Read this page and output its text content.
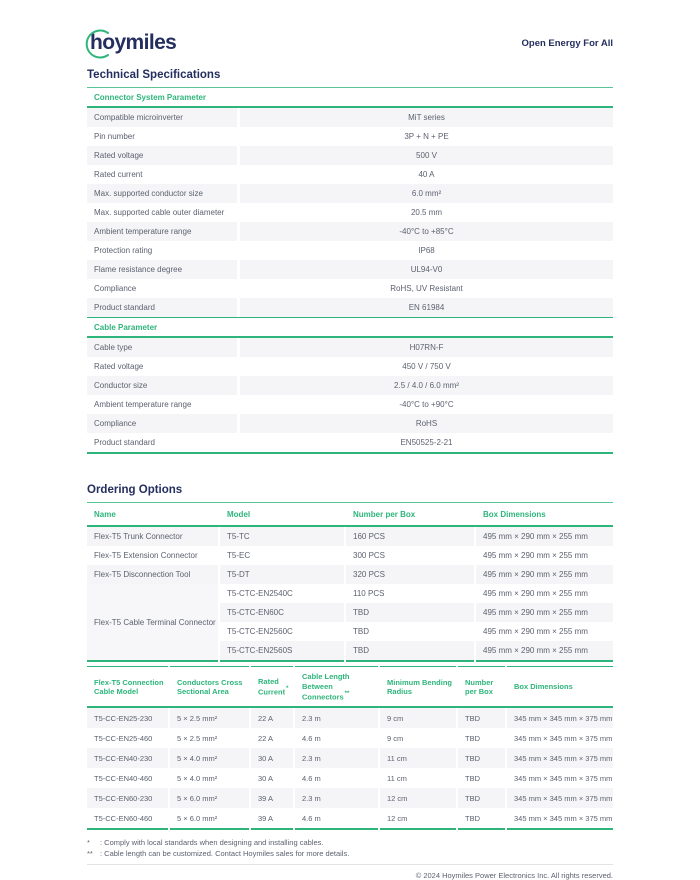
hoymiles	Open Energy For All
Technical Specifications
Connector System Parameter
Compatible microinverter	MiT series
Pin number	3P + N + PE
Rated voltage	500 V
Rated current	40 A
Max. supported conductor size	6.0 mm²
Max. supported cable outer diameter	20.5 mm
Ambient temperature range	-40°C to +85°C
Protection rating	IP68
Flame resistance degree	UL94-V0
Compliance	RoHS, UV Resistant
Product standard	EN 61984
Cable Parameter
Cable type	H07RN-F
Rated voltage	450 V / 750 V
Conductor size	2.5 / 4.0 / 6.0 mm²
Ambient temperature range	-40°C to +90°C
Compliance	RoHS
Product standard	EN50525-2-21
Ordering Options
Name	Model	Number per Box	Box Dimensions
Flex-T5 Trunk Connector	T5-TC	160 PCS	495 mm × 290 mm × 255 mm
Flex-T5 Extension Connector	T5-EC	300 PCS	495 mm × 290 mm × 255 mm
Flex-T5 Disconnection Tool	T5-DT	320 PCS	495 mm × 290 mm × 255 mm
Flex-T5 Cable Terminal Connector	T5-CTC-EN2540C	110 PCS	495 mm × 290 mm × 255 mm
	T5-CTC-EN60C	TBD	495 mm × 290 mm × 255 mm
	T5-CTC-EN2560C	TBD	495 mm × 290 mm × 255 mm
	T5-CTC-EN2560S	TBD	495 mm × 290 mm × 255 mm
Flex-T5 Connection Cable Model	Conductors Cross Sectional Area	Rated Current*	Cable Length Between Connectors**	Minimum Bending Radius	Number per Box	Box Dimensions
T5-CC-EN25-230	5 × 2.5 mm²	22 A	2.3 m	9 cm	TBD	345 mm × 345 mm × 375 mm
T5-CC-EN25-460	5 × 2.5 mm²	22 A	4.6 m	9 cm	TBD	345 mm × 345 mm × 375 mm
T5-CC-EN40-230	5 × 4.0 mm²	30 A	2.3 m	11 cm	TBD	345 mm × 345 mm × 375 mm
T5-CC-EN40-460	5 × 4.0 mm²	30 A	4.6 m	11 cm	TBD	345 mm × 345 mm × 375 mm
T5-CC-EN60-230	5 × 6.0 mm²	39 A	2.3 m	12 cm	TBD	345 mm × 345 mm × 375 mm
T5-CC-EN60-460	5 × 6.0 mm²	39 A	4.6 m	12 cm	TBD	345 mm × 345 mm × 375 mm
*	: Comply with local standards when designing and installing cables.
** : Cable length can be customized. Contact Hoymiles sales for more details.
© 2024 Hoymiles Power Electronics Inc. All rights reserved.
